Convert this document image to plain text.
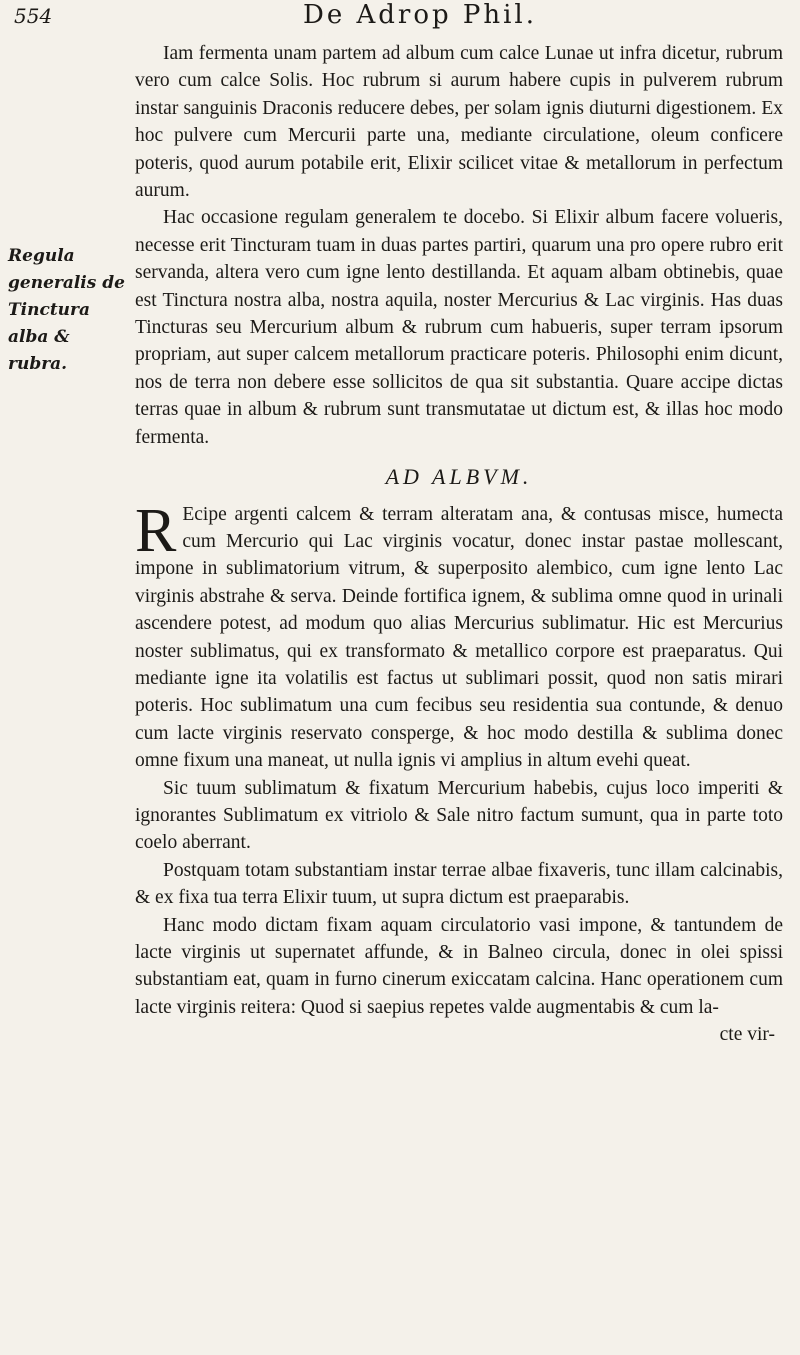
554	De Adrop Phil.
Regula generalis de Tinctura alba & rubra.

Iam fermenta unam partem ad album cum calce Lunae ut infra dicetur, rubrum vero cum calce Solis. Hoc rubrum si aurum habere cupis in pulverem rubrum instar sanguinis Draconis reducere debes, per solam ignis diuturni digestionem. Ex hoc pulvere cum Mercurii parte una, mediante circulatione, oleum conficere poteris, quod aurum potabile erit, Elixir scilicet vitae & metallorum in perfectum aurum.

Hac occasione regulam generalem te docebo. Si Elixir album facere volueris, necesse erit Tincturam tuam in duas partes partiri, quarum una pro opere rubro erit servanda, altera vero cum igne lento destillanda. Et aquam albam obtinebis, quae est Tinctura nostra alba, nostra aquila, noster Mercurius & Lac virginis. Has duas Tincturas seu Mercurium album & rubrum cum habueris, super terram ipsorum propriam, aut super calcem metallorum practicare poteris. Philosophi enim dicunt, nos de terra non debere esse sollicitos de qua sit substantia. Quare accipe dictas terras quae in album & rubrum sunt transmutatae ut dictum est, & illas hoc modo fermenta.

AD ALBVM.

R Ecipe argenti calcem & terram alteratam ana, & contusas misce, humecta cum Mercurio qui Lac virginis vocatur, donec instar pastae mollescant, impone in sublimatorium vitrum, & superposito alembico, cum igne lento Lac virginis abstrahe & serva. Deinde fortifica ignem, & sublima omne quod in urinali ascendere potest, ad modum quo alias Mercurius sublimatur. Hic est Mercurius noster sublimatus, qui ex transformato & metallico corpore est praeparatus. Qui mediante igne ita volatilis est factus ut sublimari possit, quod non satis mirari poteris. Hoc sublimatum una cum fecibus seu residentia sua contunde, & denuo cum lacte virginis reservato consperge, & hoc modo destilla & sublima donec omne fixum una maneat, ut nulla ignis vi amplius in altum evehi queat.

Sic tuum sublimatum & fixatum Mercurium habebis, cujus loco imperiti & ignorantes Sublimatum ex vitriolo & Sale nitro factum sumunt, qua in parte toto coelo aberrant.

Postquam totam substantiam instar terrae albae fixaveris, tunc illam calcinabis, & ex fixa tua terra Elixir tuum, ut supra dictum est praeparabis.

Hanc modo dictam fixam aquam circulatorio vasi impone, & tantundem de lacte virginis ut supernatet affunde, & in Balneo circula, donec in olei spissi substantiam eat, quam in furno cinerum exiccatam calcina. Hanc operationem cum lacte virginis reitera: Quod si saepius repetes valde augmentabis & cum la-

cte vir-
